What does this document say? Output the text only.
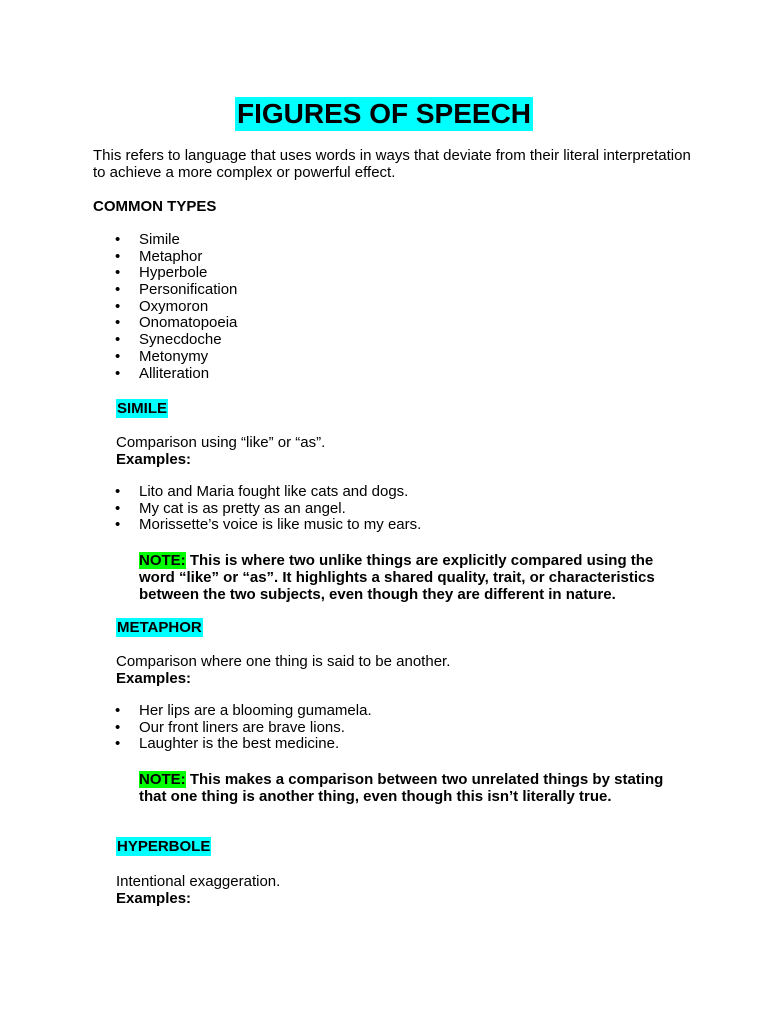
FIGURES OF SPEECH

This refers to language that uses words in ways that deviate from their literal interpretation to achieve a more complex or powerful effect.

COMMON TYPES

• Simile
• Metaphor
• Hyperbole
• Personification
• Oxymoron
• Onomatopoeia
• Synecdoche
• Metonymy
• Alliteration
SIMILE

Comparison using “like” or “as”.

Examples:

• Lito and Maria fought like cats and dogs.
• My cat is as pretty as an angel.
• Morissette’s voice is like music to my ears.

NOTE: This is where two unlike things are explicitly compared using the word “like” or “as”. It highlights a shared quality, trait, or characteristics between the two subjects, even though they are different in nature.

METAPHOR

Comparison where one thing is said to be another.

Examples:

• Her lips are a blooming gumamela.
• Our front liners are brave lions.
• Laughter is the best medicine.

NOTE: This makes a comparison between two unrelated things by stating that one thing is another thing, even though this isn’t literally true.

HYPERBOLE

Intentional exaggeration.

Examples:
